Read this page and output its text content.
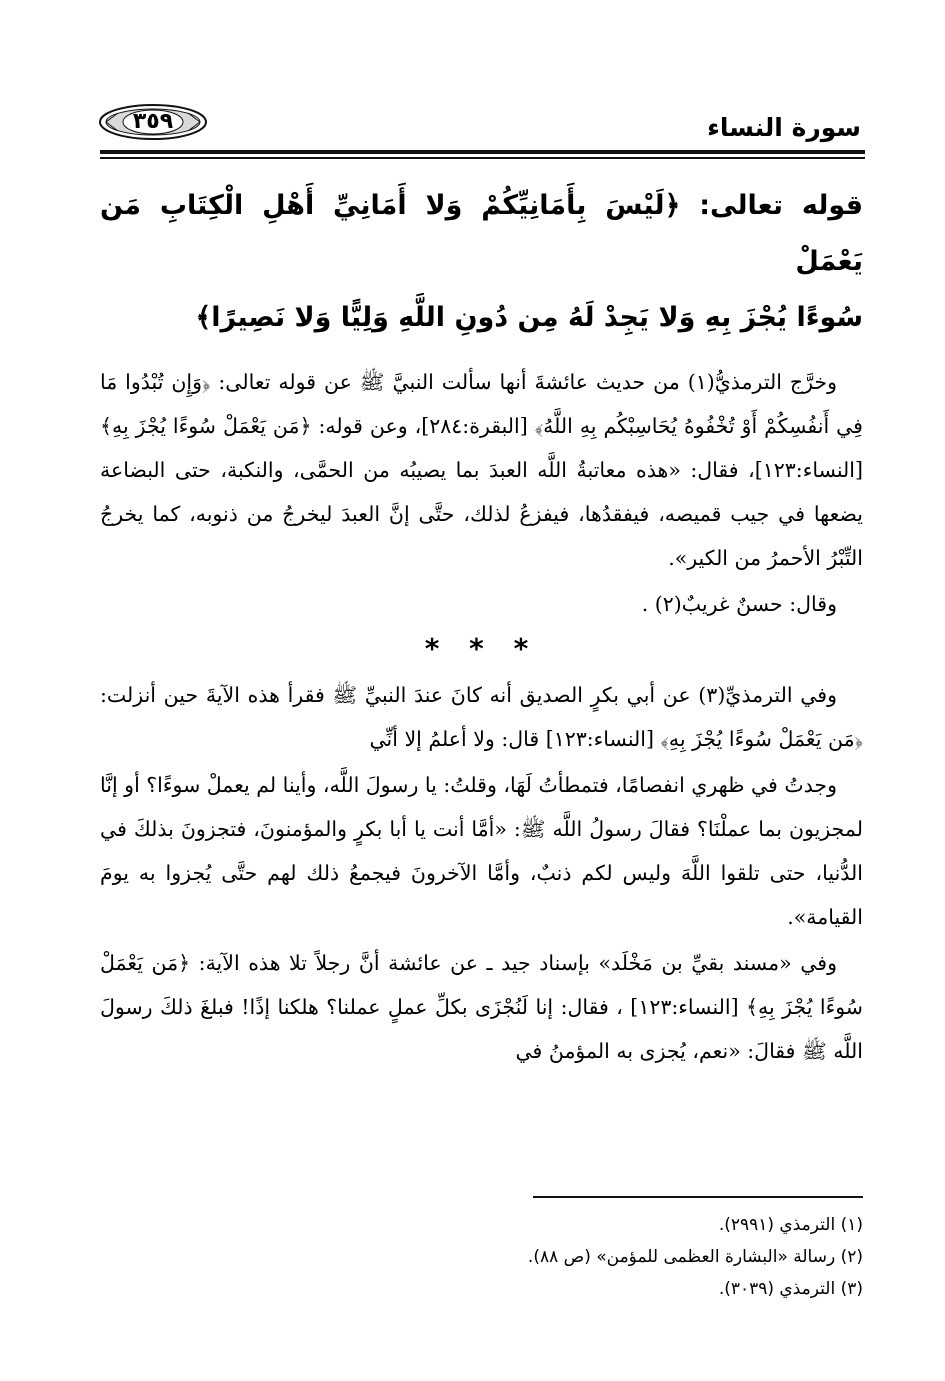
سورة النساء
٣٥٩
قوله تعالى: ﴿لَيْسَ بِأَمَانِيِّكُمْ وَلا أَمَانِيِّ أَهْلِ الْكِتَابِ مَن يَعْمَلْ
سُوءًا يُجْزَ بِهِ وَلا يَجِدْ لَهُ مِن دُونِ اللَّهِ وَلِيًّا وَلا نَصِيرًا﴾

وخرَّج الترمذيُّ(١) من حديث عائشةَ أنها سألت النبيَّ ﷺ عن قوله تعالى: ﴿وَإِن تُبْدُوا مَا فِي أَنفُسِكُمْ أَوْ تُخْفُوهُ يُحَاسِبْكُم بِهِ اللَّهُ﴾ [البقرة:٢٨٤]، وعن قوله: ﴿مَن يَعْمَلْ سُوءًا يُجْزَ بِهِ﴾ [النساء:١٢٣]، فقال: «هذه معاتبةُ اللَّه العبدَ بما يصيبُه من الحمَّى، والنكبة، حتى البضاعة يضعها في جيب قميصه، فيفقدُها، فيفزعُ لذلك، حتَّى إنَّ العبدَ ليخرجُ من ذنوبه، كما يخرجُ التِّبْرُ الأحمرُ من الكير».

وقال: حسنٌ غريبٌ(٢) .

* * *

وفي الترمذيِّ(٣) عن أبي بكرٍ الصديق أنه كانَ عندَ النبيِّ ﷺ فقرأ هذه الآيةَ حين أنزلت: ﴿مَن يَعْمَلْ سُوءًا يُجْزَ بِهِ﴾ [النساء:١٢٣] قال: ولا أعلمُ إلا أنِّي

وجدتُ في ظهري انفصامًا، فتمطأتُ لَهَا، وقلتُ: يا رسولَ اللَّه، وأينا لم يعملْ سوءًا؟ أو إنَّا لمجزيون بما عملْنَا؟ فقالَ رسولُ اللَّه ﷺ: «أمَّا أنت يا أبا بكرٍ والمؤمنونَ، فتجزونَ بذلكَ في الدُّنيا، حتى تلقوا اللَّهَ وليس لكم ذنبٌ، وأمَّا الآخرونَ فيجمعُ ذلك لهم حتَّى يُجزوا به يومَ القيامة».

وفي «مسند بقيِّ بن مَخْلَد» بإسناد جيد ـ عن عائشة أنَّ رجلاً تلا هذه الآية: ﴿مَن يَعْمَلْ سُوءًا يُجْزَ بِهِ﴾ [النساء:١٢٣] ، فقال: إنا لَنُجْزَى بكلِّ عملٍ عملنا؟ هلكنا إذًا! فبلغَ ذلكَ رسولَ اللَّه ﷺ فقالَ: «نعم، يُجزى به المؤمنُ في

(١) الترمذي (٢٩٩١).
(٢) رسالة «البشارة العظمى للمؤمن» (ص ٨٨).
(٣) الترمذي (٣٠٣٩).
